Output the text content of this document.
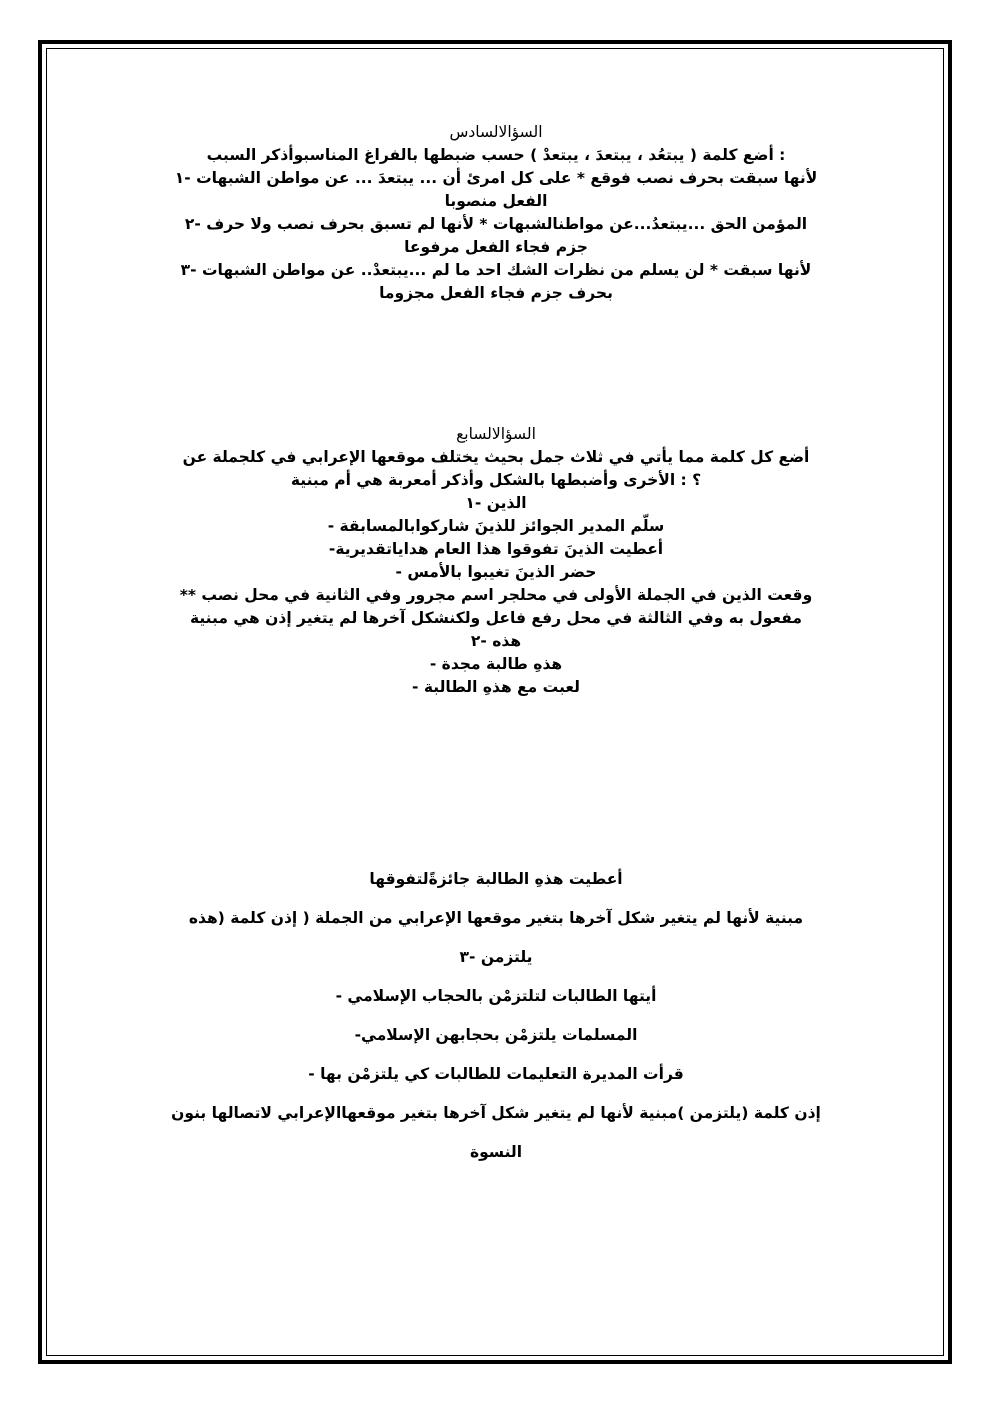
السؤالالسادس
: أضع كلمة ( يبتعُد ، يبتعدَ ، يبتعدْ ) حسب ضبطها بالفراغ المناسبوأذكر السبب
لأنها سبقت بحرف نصب فوقع * على كل امرئ أن ... يبتعدَ ... عن مواطن الشبهات -١
الفعل منصوبا
المؤمن الحق ...يبتعدُ...عن مواطنالشبهات * لأنها لم تسبق بحرف نصب ولا حرف -٢
جزم فجاء الفعل مرفوعا
لأنها سبقت * لن يسلم من نظرات الشك احد ما لم ...يبتعدْ.. عن مواطن الشبهات -٣
بحرف جزم فجاء الفعل مجزوما
السؤالالسابع
أضع كل كلمة مما يأتي في ثلاث جمل بحيث يختلف موقعها الإعرابي في كلجملة عن
؟ : الأخرى وأضبطها بالشكل وأذكر أمعربة هي أم مبنية
الذين -١
سلّم المدير الجوائز للذينَ شاركوابالمسابقة -
أعطيت الذينَ تفوقوا هذا العام هداياتقديرية-
حضر الذينَ تغيبوا بالأمس -
وقعت الذين في الجملة الأولى في محلجر اسم مجرور وفي الثانية في محل نصب **
مفعول به وفي الثالثة في محل رفع فاعل ولكنشكل آخرها لم يتغير إذن هي مبنية
هذه -٢
هذهِ طالبة مجدة -
لعبت مع هذهِ الطالبة -
أعطيت هذهِ الطالبة جائزةًلتفوقها
مبنية لأنها لم يتغير شكل آخرها بتغير موقعها الإعرابي من الجملة ( إذن كلمة (هذه
يلتزمن -٣
أيتها الطالبات لتلتزمْن بالحجاب الإسلامي -
المسلمات يلتزمْن بحجابهن الإسلامي-
قرأت المديرة التعليمات للطالبات كي يلتزمْن بها -
إذن كلمة (يلتزمن )مبنية لأنها لم يتغير شكل آخرها بتغير موقعهاالإعرابي لاتصالها بنون
النسوة
